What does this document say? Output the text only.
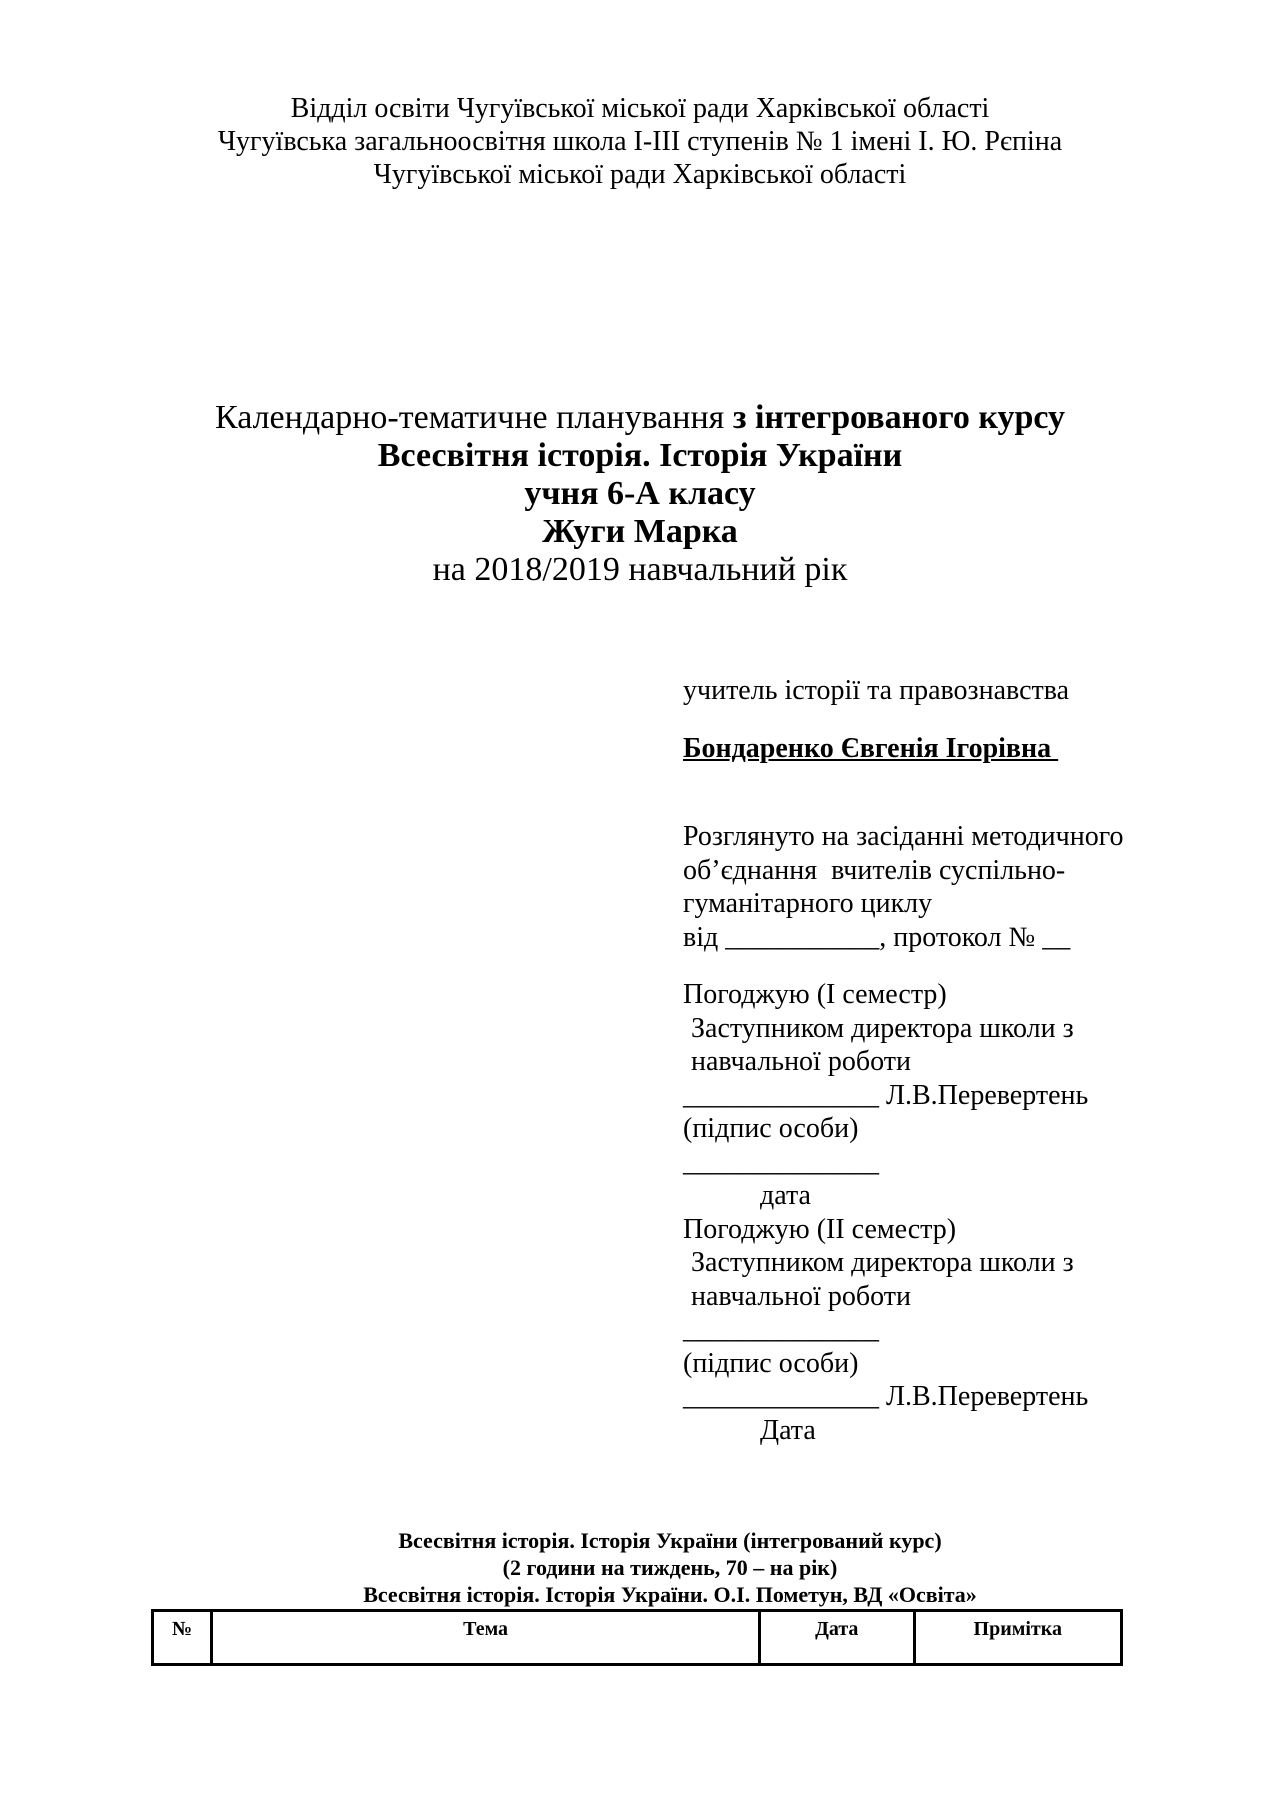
Відділ освіти Чугуївської міської ради Харківської області
Чугуївська загальноосвітня школа І-ІІІ ступенів № 1 імені І. Ю. Рєпіна
Чугуївської міської ради Харківської області
Календарно-тематичне планування з інтегрованого курсу
Всесвітня історія. Історія України
учня 6-А класу
Жуги Марка
на 2018/2019 навчальний рік
учитель історії та правознавства
Бондаренко Євгенія Ігорівна
Розглянуто на засіданні методичного
об’єднання  вчителів суспільно-
гуманітарного циклу
від ___________, протокол № __
Погоджую (І семестр)
Заступником директора школи з
навчальної роботи
______________ Л.В.Перевертень
(підпис особи)
______________
дата
Погоджую (ІІ семестр)
Заступником директора школи з
навчальної роботи
______________
(підпис особи)
______________ Л.В.Перевертень
Дата
Всесвітня історія. Історія України (інтегрований курс)
(2 години на тиждень, 70 – на рік)
Всесвітня історія. Історія України. О.І. Пометун, ВД «Освіта»
№	Тема	Дата	Примітка
